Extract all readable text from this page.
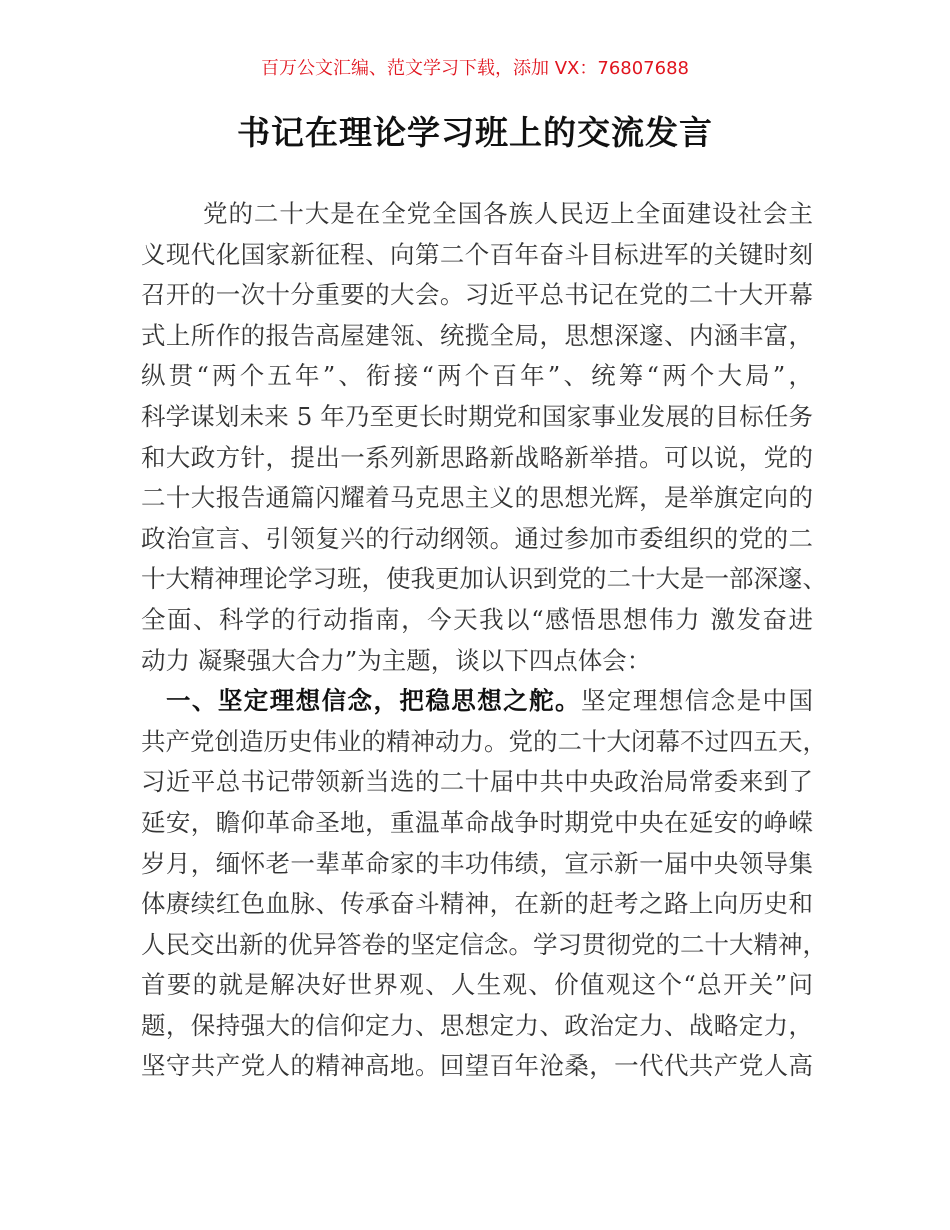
百万公文汇编、范文学习下载，添加 VX：76807688
书记在理论学习班上的交流发言
党的二十大是在全党全国各族人民迈上全面建设社会主
义现代化国家新征程、向第二个百年奋斗目标进军的关键时刻
召开的一次十分重要的大会。习近平总书记在党的二十大开幕
式上所作的报告高屋建瓴、统揽全局，思想深邃、内涵丰富，
纵贯“两个五年”、衔接“两个百年”、统筹“两个大局”，
科学谋划未来 5 年乃至更长时期党和国家事业发展的目标任务
和大政方针，提出一系列新思路新战略新举措。可以说，党的
二十大报告通篇闪耀着马克思主义的思想光辉，是举旗定向的
政治宣言、引领复兴的行动纲领。通过参加市委组织的党的二
十大精神理论学习班，使我更加认识到党的二十大是一部深邃、
全面、科学的行动指南，今天我以“感悟思想伟力 激发奋进
动力 凝聚强大合力”为主题，谈以下四点体会：
一、坚定理想信念，把稳思想之舵。坚定理想信念是中国
共产党创造历史伟业的精神动力。党的二十大闭幕不过四五天，
习近平总书记带领新当选的二十届中共中央政治局常委来到了
延安，瞻仰革命圣地，重温革命战争时期党中央在延安的峥嵘
岁月，缅怀老一辈革命家的丰功伟绩，宣示新一届中央领导集
体赓续红色血脉、传承奋斗精神，在新的赶考之路上向历史和
人民交出新的优异答卷的坚定信念。学习贯彻党的二十大精神，
首要的就是解决好世界观、人生观、价值观这个“总开关”问
题，保持强大的信仰定力、思想定力、政治定力、战略定力，
坚守共产党人的精神高地。回望百年沧桑，一代代共产党人高
